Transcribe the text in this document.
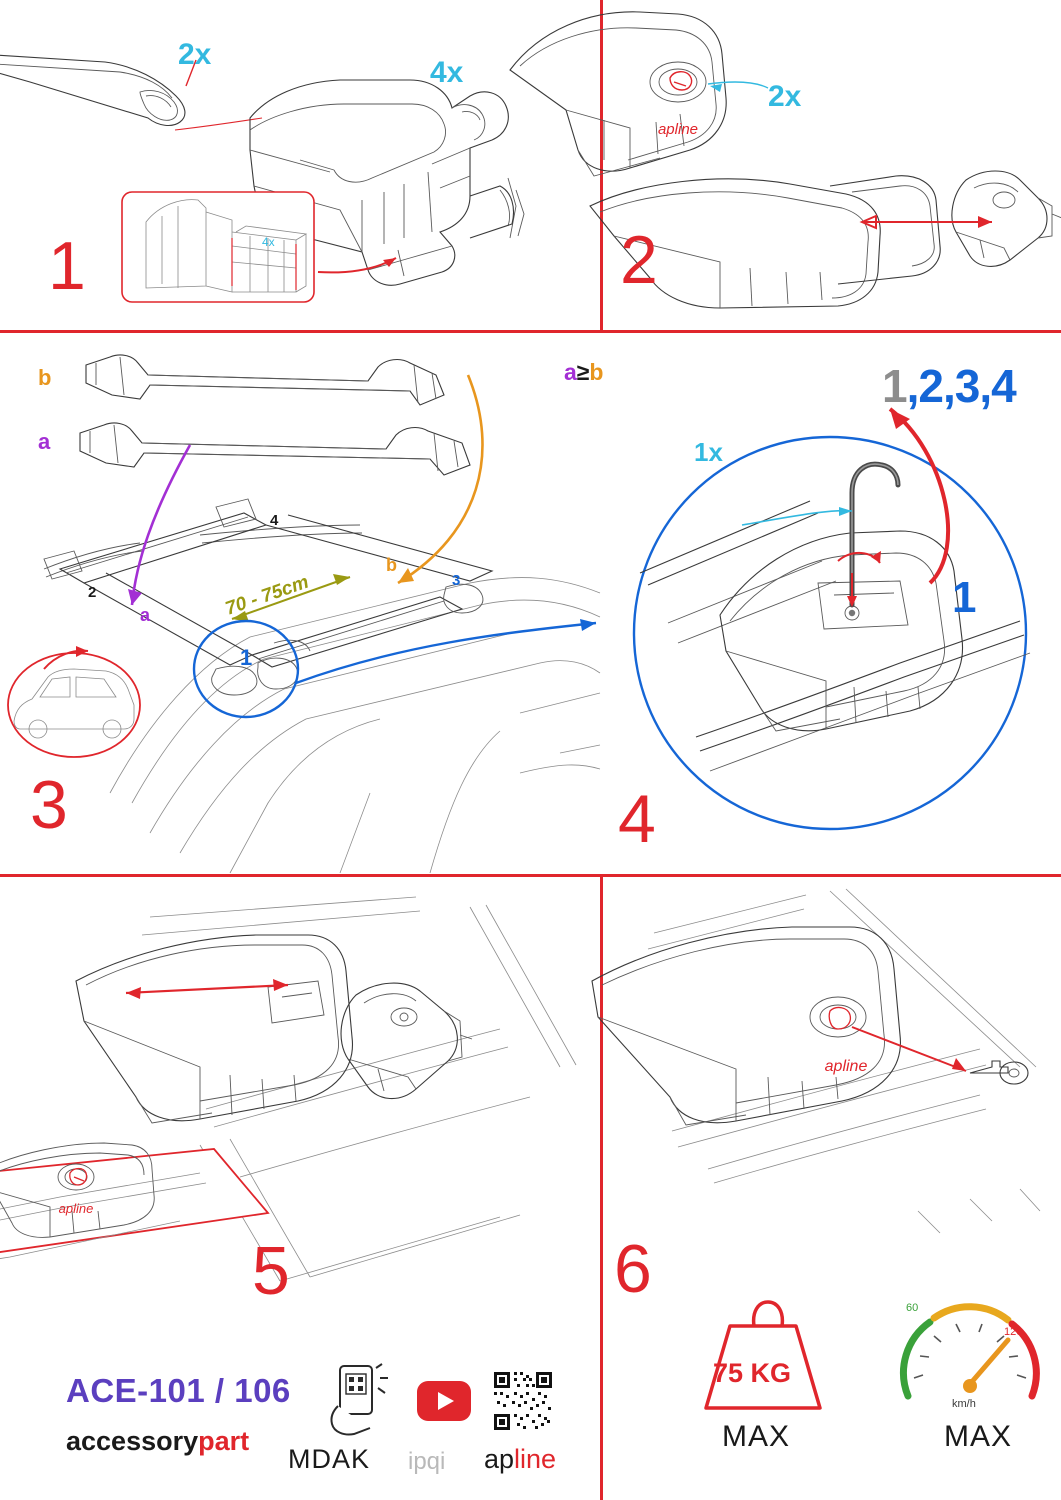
4x
2x
4x
1
apline
2x
2
2
4
3
70 - 75cm
1
b
a
a
b
3
1x
1
1,2,3,4
a≥b
4
apline
5
apline
6
ACE-101 / 106
accessorypart
MDAK ipqi apline
75 KG
MAX
60
120
km/h
MAX
